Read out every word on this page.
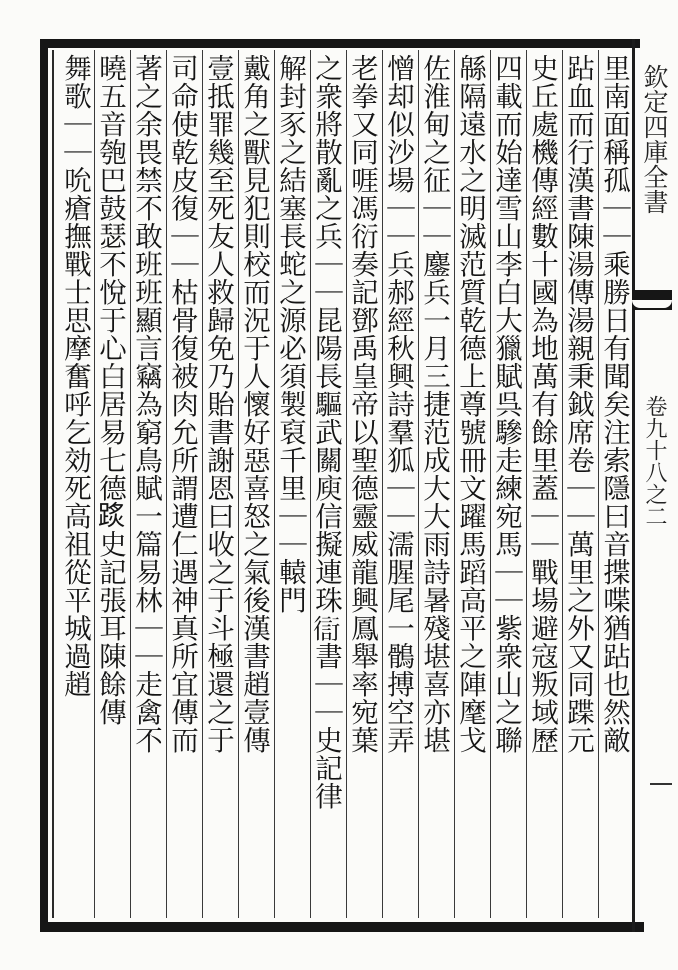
欽定四庫全書
卷九十八之二
里南面稱孤｜｜乘勝日有聞矣注索隱曰音揲喋猶跕也然敵
跕血而行漢書陳湯傳湯親秉鉞席卷｜｜萬里之外又同蹀元
史丘處機傳經數十國為地萬有餘里蓋｜｜戰場避寇叛域歷
四載而始達雪山李白大獵賦呉驂走練宛馬｜｜紫衆山之聯
緜隔遠水之明滅范質乾德上尊號冊文躍馬蹈高平之陣麾戈
佐淮甸之征｜｜鏖兵一月三捷范成大大雨詩暑殘堪喜亦堪
憎却似沙場｜｜兵郝經秋興詩羣狐｜｜濡腥尾一鶻搏空弄
老拳又同啀馮衍奏記鄧禹皇帝以聖德靈威龍興鳳舉率宛葉
之衆將散亂之兵｜｜昆陽長驅武關庾信擬連珠𧗳書｜｜史記律
解封豕之結塞長蛇之源必須製裒千里｜｜轅門
戴角之獸見犯則校而況于人懷好惡喜怒之氣後漢書趙壹傳
壹抵罪幾至死友人救歸免乃貽書謝恩曰收之于斗極還之于
司命使乾皮復｜｜枯骨復被肉允所謂遭仁遇神真所宜傳而
著之余畏禁不敢班班顯言竊為窮鳥賦一篇易林｜｜走禽不
曉五音匏巴鼓瑟不悅于心白居易七德𨂂史記張耳陳餘傳
舞歌｜｜吮瘡撫戰士思摩奮呼乞効死高祖從平城過趙
